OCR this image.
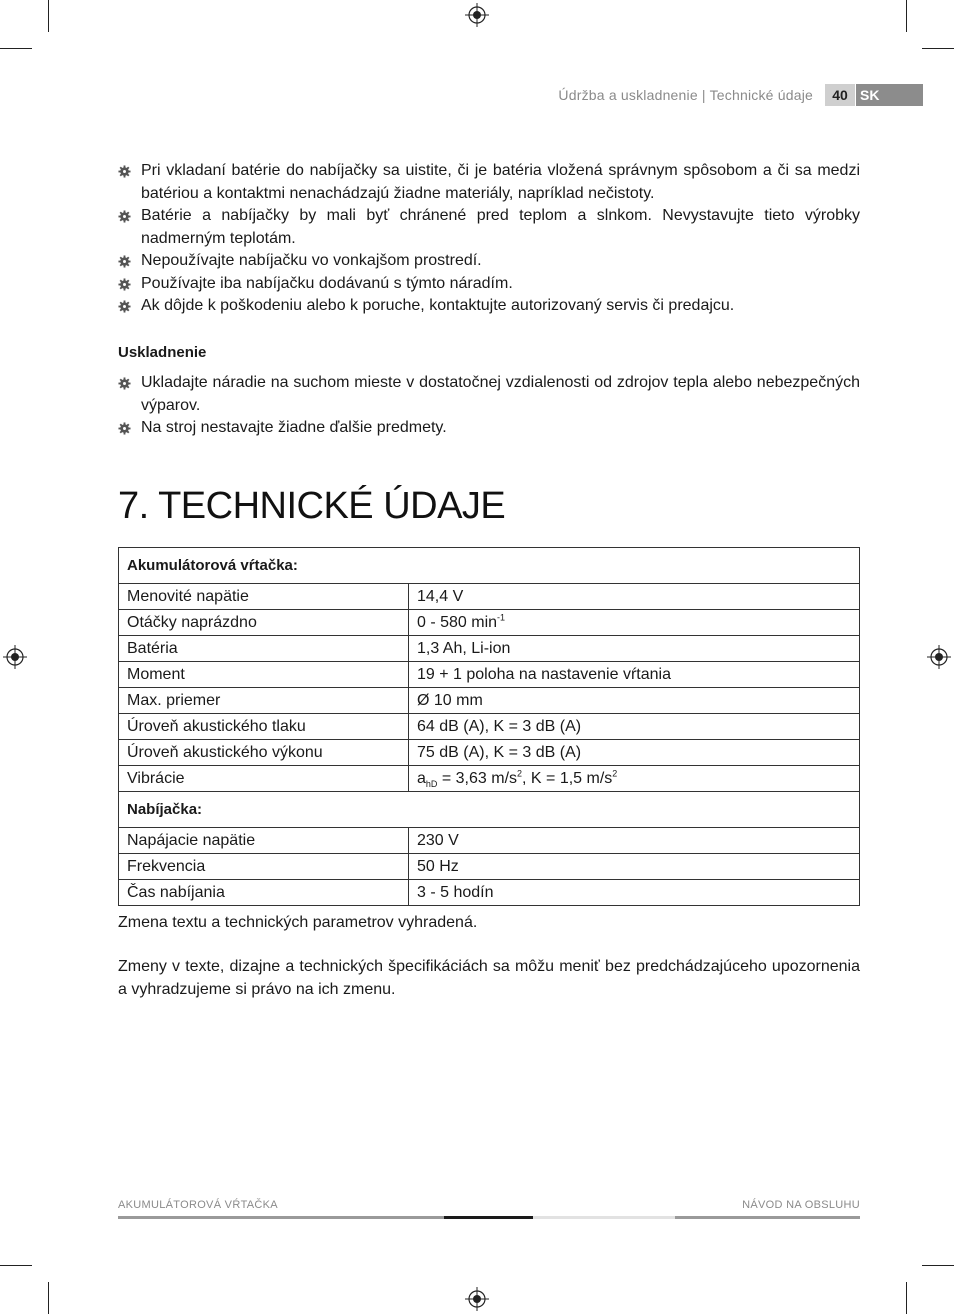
Údržba a uskladnenie | Technické údaje	40 SK
Pri vkladaní batérie do nabíjačky sa uistite, či je batéria vložená správnym spôsobom a či sa medzi batériou a kontaktmi nenachádzajú žiadne materiály, napríklad nečistoty.
Batérie a nabíjačky by mali byť chránené pred teplom a slnkom. Nevystavujte tieto výrobky nadmerným teplotám.
Nepoužívajte nabíjačku vo vonkajšom prostredí.
Používajte iba nabíjačku dodávanú s týmto náradím.
Ak dôjde k poškodeniu alebo k poruche, kontaktujte autorizovaný servis či predajcu.
Uskladnenie
Ukladajte náradie na suchom mieste v dostatočnej vzdialenosti od zdrojov tepla alebo nebezpečných výparov.
Na stroj nestavajte žiadne ďalšie predmety.
7. TECHNICKÉ ÚDAJE
Akumulátorová vŕtačka:	
Menovité napätie	14,4 V
Otáčky naprázdno	0 - 580 $\min^{-1}$
Batéria	1,3 Ah, Li-ion
Moment	19 + 1 poloha na nastavenie vŕtania
Max. priemer	Ø 10 mm
Úroveň akustického tlaku	64 dB (A), K = 3 dB (A)
Úroveň akustického výkonu	75 dB (A), K = 3 dB (A)
Vibrácie	$a_{hD} = 3,63$ $m/s^2$, K = 1,5 $m/s^2$
Nabíjačka:	
Napájacie napätie	230 V
Frekvencia	50 Hz
Čas nabíjania	3 - 5 hodín
Zmena textu a technických parametrov vyhradená.
Zmeny v texte, dizajne a technických špecifikáciách sa môžu meniť bez predchádzajúceho upozornenia a vyhradzujeme si právo na ich zmenu.
AKUMULÁTOROVÁ VŔTAČKA	NÁVOD NA OBSLUHU
